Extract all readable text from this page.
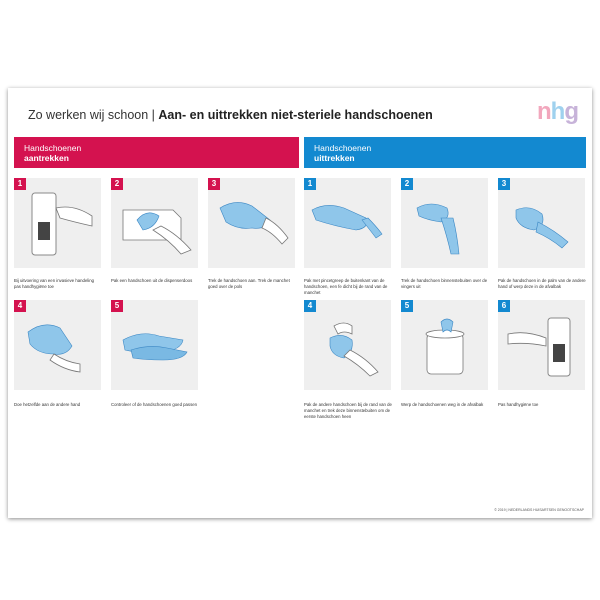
Zo werken wij schoon | Aan- en uittrekken niet-steriele handschoenen	nhg
Handschoenen
aantrekken
Handschoenen
uittrekken
1
Bij uitvoering van een invasieve handeling pas handhygiëne toe
2
Pak een handschoen uit de dispenserdoos
3
Trek de handschoen aan. Trek de manchet goed over de pols
4
Doe hetzelfde aan de andere hand
5
Controleer of de handschoenen goed passen
1
Pak met pincetgreep de buitenkant van de handschoen, een fe dicht bij de rand van de manchet
2
Trek de handschoen binnenstebuiten over de vingers uit
3
Pak de handschoen in de palm van de andere hand of werp deze in de afvalbak
4
Pak de andere handschoen bij de rand van de manchet en trek deze binnenstebuiten om de eerste handschoen heen
5
Werp de handschoenen weg in de afvalbak
6
Pas handhygiëne toe
© 2019 | NEDERLANDS HUISARTSEN GENOOTSCHAP
